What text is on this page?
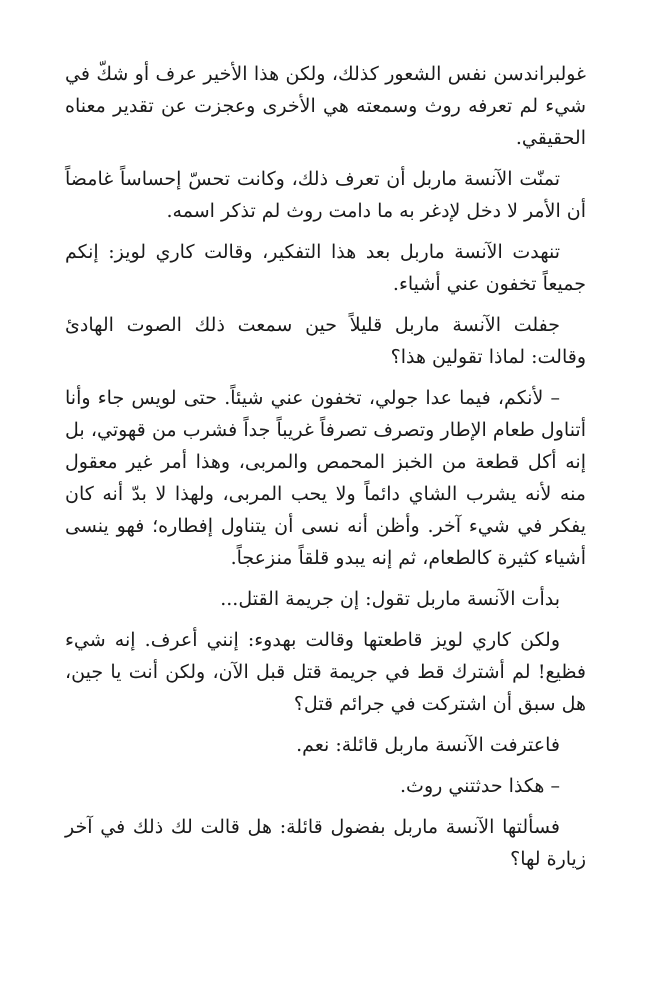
غولبراندسن نفس الشعور كذلك، ولكن هذا الأخير عرف أو شكّ في شيء لم تعرفه روث وسمعته هي الأخرى وعجزت عن تقدير معناه الحقيقي.

تمنّت الآنسة ماربل أن تعرف ذلك، وكانت تحسّ إحساساً غامضاً أن الأمر لا دخل لإدغر به ما دامت روث لم تذكر اسمه.

تنهدت الآنسة ماربل بعد هذا التفكير، وقالت كاري لويز: إنكم جميعاً تخفون عني أشياء.

جفلت الآنسة ماربل قليلاً حين سمعت ذلك الصوت الهادئ وقالت: لماذا تقولين هذا؟

– لأنكم، فيما عدا جولي، تخفون عني شيئاً. حتى لويس جاء وأنا أتناول طعام الإطار وتصرف تصرفاً غريباً جداً فشرب من قهوتي، بل إنه أكل قطعة من الخبز المحمص والمربى، وهذا أمر غير معقول منه لأنه يشرب الشاي دائماً ولا يحب المربى، ولهذا لا بدّ أنه كان يفكر في شيء آخر. وأظن أنه نسى أن يتناول إفطاره؛ فهو ينسى أشياء كثيرة كالطعام، ثم إنه يبدو قلقاً منزعجاً.

بدأت الآنسة ماربل تقول: إن جريمة القتل...

ولكن كاري لويز قاطعتها وقالت بهدوء: إنني أعرف. إنه شيء فظيع! لم أشترك قط في جريمة قتل قبل الآن، ولكن أنت يا جين، هل سبق أن اشتركت في جرائم قتل؟

فاعترفت الآنسة ماربل قائلة: نعم.

– هكذا حدثتني روث.

فسألتها الآنسة ماربل بفضول قائلة: هل قالت لك ذلك في آخر زيارة لها؟
